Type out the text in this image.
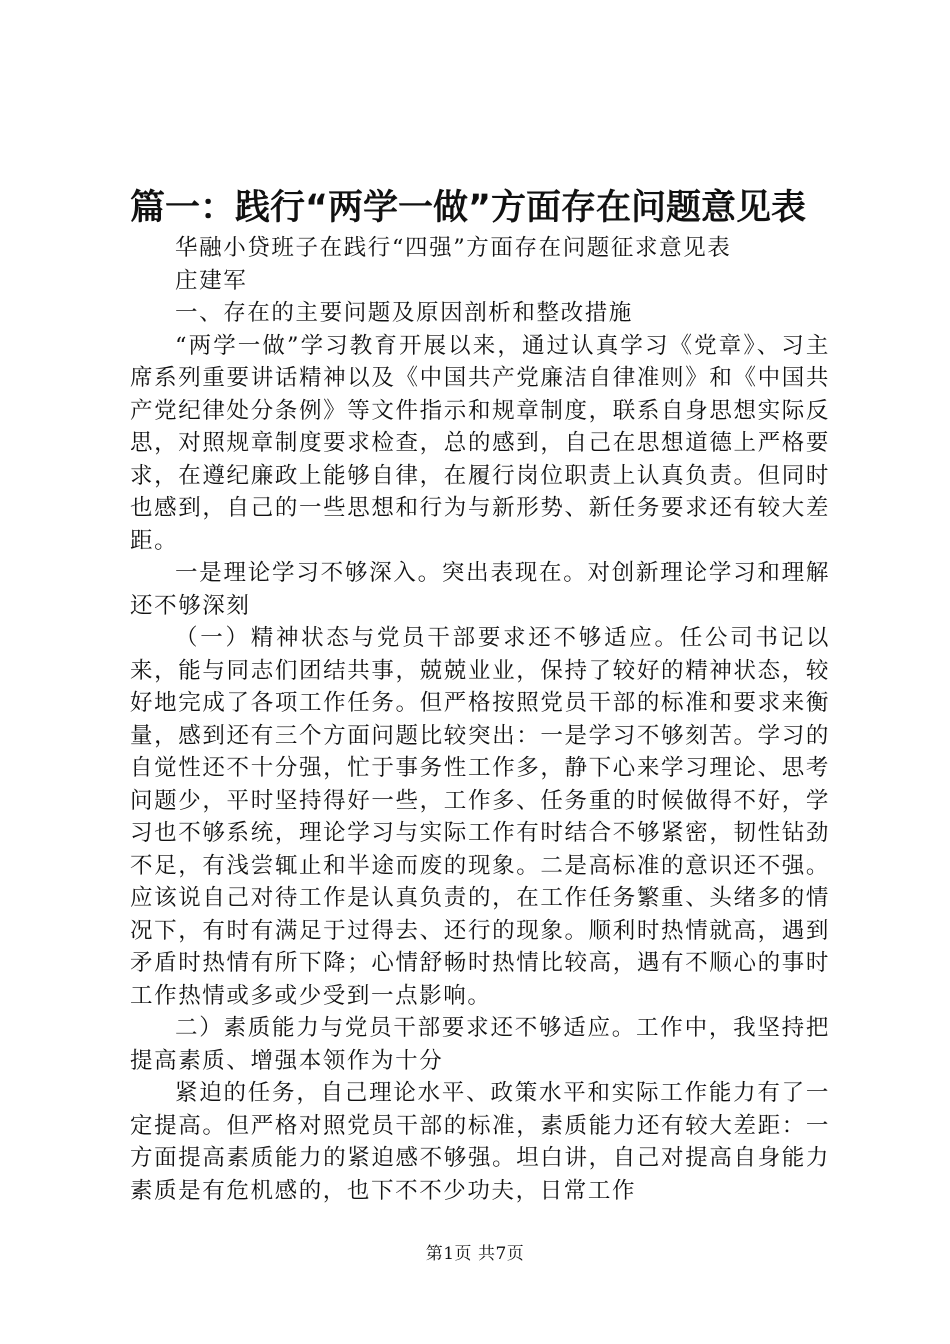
篇一：践行“两学一做”方面存在问题意见表

华融小贷班子在践行“四强”方面存在问题征求意见表

庄建军

一、存在的主要问题及原因剖析和整改措施

“两学一做”学习教育开展以来，通过认真学习《党章》、习主席系列重要讲话精神以及《中国共产党廉洁自律准则》和《中国共产党纪律处分条例》等文件指示和规章制度，联系自身思想实际反思，对照规章制度要求检查，总的感到，自己在思想道德上严格要求，在遵纪廉政上能够自律，在履行岗位职责上认真负责。但同时也感到，自己的一些思想和行为与新形势、新任务要求还有较大差距。

一是理论学习不够深入。突出表现在。对创新理论学习和理解还不够深刻

（一）精神状态与党员干部要求还不够适应。任公司书记以来，能与同志们团结共事，兢兢业业，保持了较好的精神状态，较好地完成了各项工作任务。但严格按照党员干部的标准和要求来衡量，感到还有三个方面问题比较突出：一是学习不够刻苦。学习的自觉性还不十分强，忙于事务性工作多，静下心来学习理论、思考问题少，平时坚持得好一些，工作多、任务重的时候做得不好，学习也不够系统，理论学习与实际工作有时结合不够紧密，韧性钻劲不足，有浅尝辄止和半途而废的现象。二是高标准的意识还不强。应该说自己对待工作是认真负责的，在工作任务繁重、头绪多的情况下，有时有满足于过得去、还行的现象。顺利时热情就高，遇到矛盾时热情有所下降；心情舒畅时热情比较高，遇有不顺心的事时工作热情或多或少受到一点影响。

二）素质能力与党员干部要求还不够适应。工作中，我坚持把提高素质、增强本领作为十分

紧迫的任务，自己理论水平、政策水平和实际工作能力有了一定提高。但严格对照党员干部的标准，素质能力还有较大差距：一方面提高素质能力的紧迫感不够强。坦白讲，自己对提高自身能力素质是有危机感的，也下不不少功夫，日常工作

第1页 共7页
